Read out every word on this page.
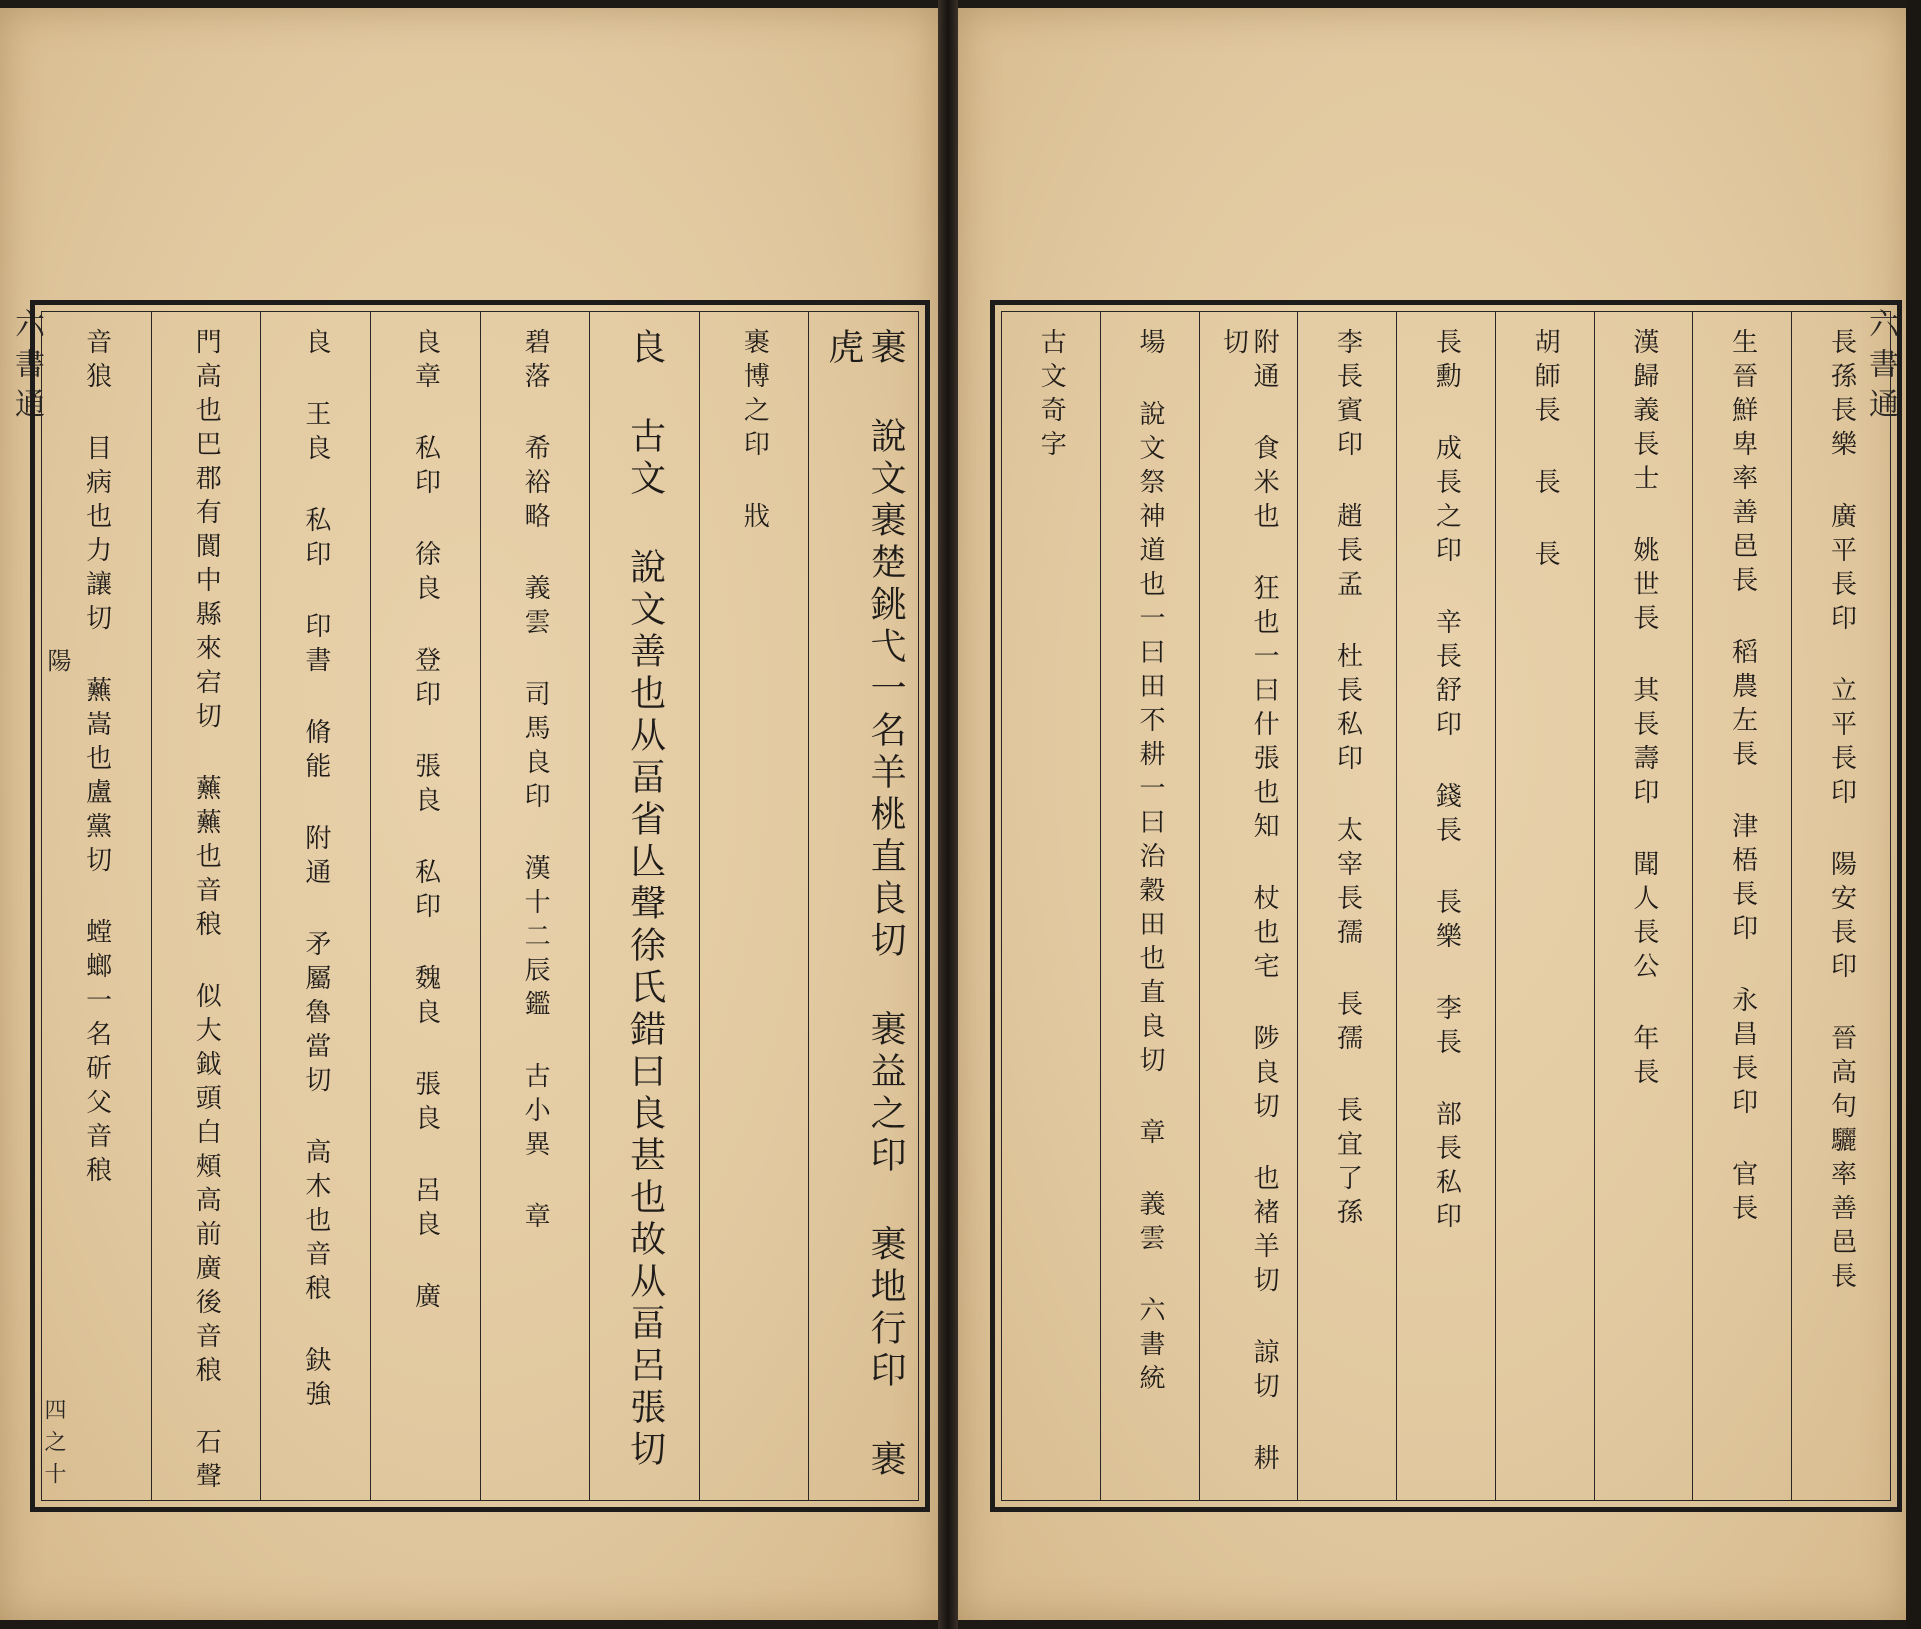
六書通
陽
四之十	裹 說文裹楚銚弋一名羊桃直良切 裹益之印 裹地行印 裹虎
裹博之印 戕
良 古文 說文善也从畐省亾聲徐氏錯曰良甚也故从畐呂張切
碧落 希裕略 義雲 司馬良印 漢十二辰鑑 古小異 章
良章 私印 徐良 登印 張良 私印 魏良 張良 呂良 廣
良 王良 私印 印書 脩能 附通 矛屬魯當切 高木也音稂 鈌強
門高也巴郡有閬中縣來宕切 䖄䖄也音稂 似大鉞頭白頰高前廣後音稂 石聲
音狼 目病也力讓切 䖄嵩也盧黨切 螳螂一名斫父音稂	六書通
長孫長樂 廣平長印 立平長印 陽安長印 晉高句驪率善邑長
生晉鮮卑率善邑長 稻農左長 津梧長印 永昌長印 官長
漢歸義長士 姚世長 其長壽印 聞人長公 年長
胡師長 長 長
長勳 成長之印 辛長舒印 錢長 長樂 李長 部長私印
李長賓印 趙長孟 杜長私印 太宰長孺 長孺 長宜了孫
附通 食米也 狂也一曰什張也知 杖也宅 陟良切 也褚羊切 諒切 耕切
場 說文祭神道也一曰田不耕一曰治穀田也直良切 章 義雲 六書統
古文奇字
